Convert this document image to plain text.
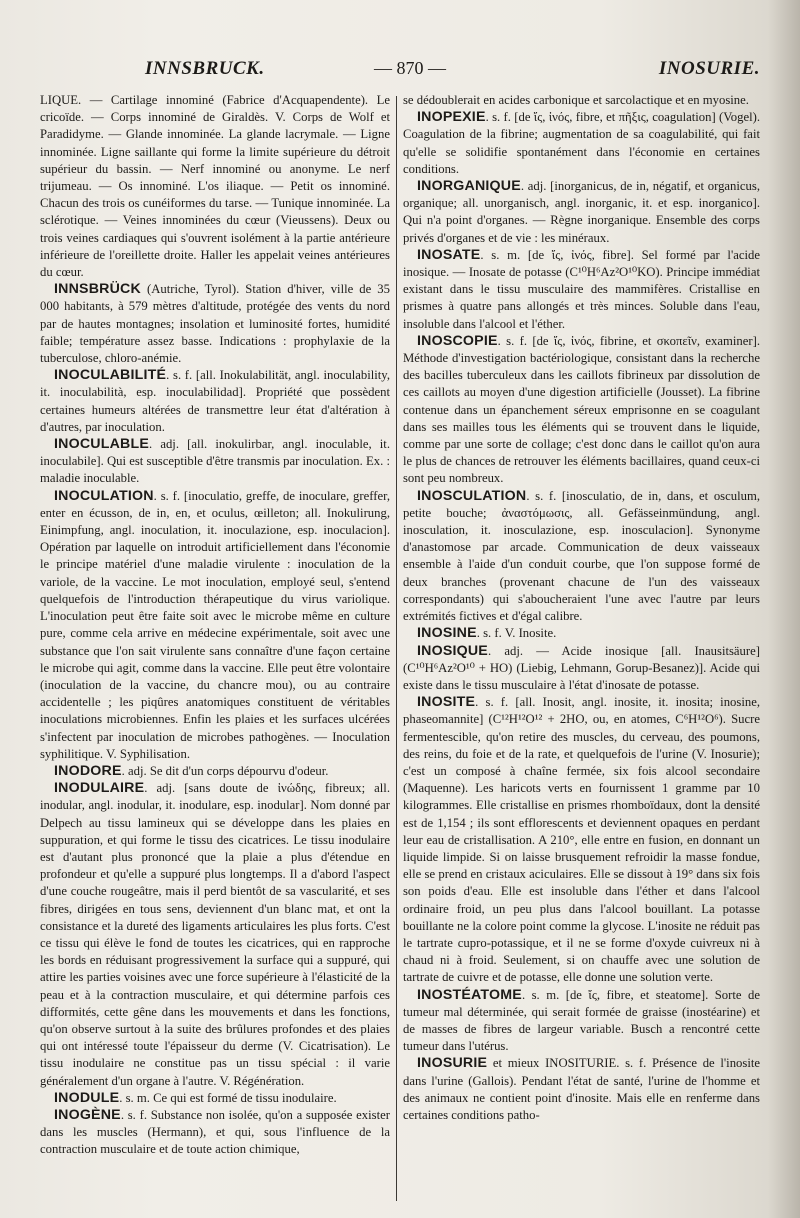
INNSBRUCK.	— 870 —	INOSURIE.

LIQUE. — Cartilage innominé (Fabrice d'Acquapendente). Le cricoïde. — Corps innominé de Giraldès. V. Corps de Wolf et Paradidyme. — Glande innominée. La glande lacrymale. — Ligne innominée. Ligne saillante qui forme la limite supérieure du détroit supérieur du bassin. — Nerf innominé ou anonyme. Le nerf trijumeau. — Os innominé. L'os iliaque. — Petit os innominé. Chacun des trois os cunéiformes du tarse. — Tunique innominée. La sclérotique. — Veines innominées du cœur (Vieussens). Deux ou trois veines cardiaques qui s'ouvrent isolément à la partie antérieure inférieure de l'oreillette droite. Haller les appelait veines antérieures du cœur.

INNSBRÜCK (Autriche, Tyrol). Station d'hiver, ville de 35 000 habitants, à 579 mètres d'altitude, protégée des vents du nord par de hautes montagnes; insolation et luminosité fortes, humidité faible; température assez basse. Indications : prophylaxie de la tuberculose, chloro-anémie.

INOCULABILITÉ. s. f. [all. Inokulabilität, angl. inoculability, it. inoculabilità, esp. inoculabilidad]. Propriété que possèdent certaines humeurs altérées de transmettre leur état d'altération à d'autres, par inoculation.

INOCULABLE. adj. [all. inokulirbar, angl. inoculable, it. inoculabile]. Qui est susceptible d'être transmis par inoculation. Ex. : maladie inoculable.

INOCULATION. s. f. [inoculatio, greffe, de inoculare, greffer, enter en écusson, de in, en, et oculus, œilleton; all. Inokulirung, Einimpfung, angl. inoculation, it. inoculazione, esp. inoculacion]. Opération par laquelle on introduit artificiellement dans l'économie le principe matériel d'une maladie virulente : inoculation de la variole, de la vaccine. Le mot inoculation, employé seul, s'entend quelquefois de l'introduction thérapeutique du virus variolique. L'inoculation peut être faite soit avec le microbe même en culture pure, comme cela arrive en médecine expérimentale, soit avec une substance que l'on sait virulente sans connaître d'une façon certaine le microbe qui agit, comme dans la vaccine. Elle peut être volontaire (inoculation de la vaccine, du chancre mou), ou au contraire accidentelle ; les piqûres anatomiques constituent de véritables inoculations microbiennes. Enfin les plaies et les surfaces ulcérées s'infectent par inoculation de microbes pathogènes. — Inoculation syphilitique. V. Syphilisation.

INODORE. adj. Se dit d'un corps dépourvu d'odeur.

INODULAIRE. adj. [sans doute de ἰνώδης, fibreux; all. inodular, angl. inodular, it. inodulare, esp. inodular]. Nom donné par Delpech au tissu lamineux qui se développe dans les plaies en suppuration, et qui forme le tissu des cicatrices. Le tissu inodulaire est d'autant plus prononcé que la plaie a plus d'étendue en profondeur et qu'elle a suppuré plus longtemps. Il a d'abord l'aspect d'une couche rougeâtre, mais il perd bientôt de sa vascularité, et ses fibres, dirigées en tous sens, deviennent d'un blanc mat, et ont la consistance et la dureté des ligaments articulaires les plus forts. C'est ce tissu qui élève le fond de toutes les cicatrices, qui en rapproche les bords en réduisant progressivement la surface qui a suppuré, qui attire les parties voisines avec une force supérieure à l'élasticité de la peau et à la contraction musculaire, et qui détermine parfois ces difformités, cette gêne dans les mouvements et dans les fonctions, qu'on observe surtout à la suite des brûlures profondes et des plaies qui ont intéressé toute l'épaisseur du derme (V. Cicatrisation). Le tissu inodulaire ne constitue pas un tissu spécial : il varie généralement d'un organe à l'autre. V. Régénération.

INODULE. s. m. Ce qui est formé de tissu inodulaire.

INOGÈNE. s. f. Substance non isolée, qu'on a supposée exister dans les muscles (Hermann), et qui, sous l'influence de la contraction musculaire et de toute action chimique,

se dédoublerait en acides carbonique et sarcolactique et en myosine.

INOPEXIE. s. f. [de ἴς, ἰνός, fibre, et πῆξις, coagulation] (Vogel). Coagulation de la fibrine; augmentation de sa coagulabilité, qui fait qu'elle se solidifie spontanément dans l'économie en certaines conditions.

INORGANIQUE. adj. [inorganicus, de in, négatif, et organicus, organique; all. unorganisch, angl. inorganic, it. et esp. inorganico]. Qui n'a point d'organes. — Règne inorganique. Ensemble des corps privés d'organes et de vie : les minéraux.

INOSATE. s. m. [de ἴς, ἰνός, fibre]. Sel formé par l'acide inosique. — Inosate de potasse (C¹⁰H⁶Az²O¹⁰KO). Principe immédiat existant dans le tissu musculaire des mammifères. Cristallise en prismes à quatre pans allongés et très minces. Soluble dans l'eau, insoluble dans l'alcool et l'éther.

INOSCOPIE. s. f. [de ἴς, ἰνός, fibrine, et σκοπεῖν, examiner]. Méthode d'investigation bactériologique, consistant dans la recherche des bacilles tuberculeux dans les caillots fibrineux par dissolution de ces caillots au moyen d'une digestion artificielle (Jousset). La fibrine contenue dans un épanchement séreux emprisonne en se coagulant dans ses mailles tous les éléments qui se trouvent dans le liquide, comme par une sorte de collage; c'est donc dans le caillot qu'on aura le plus de chances de retrouver les éléments bacillaires, quand ceux-ci sont peu nombreux.

INOSCULATION. s. f. [inosculatio, de in, dans, et osculum, petite bouche; ἀναστόμωσις, all. Gefässeinmündung, angl. inosculation, it. inosculazione, esp. inosculacion]. Synonyme d'anastomose par arcade. Communication de deux vaisseaux ensemble à l'aide d'un conduit courbe, que l'on suppose formé de deux branches (provenant chacune de l'un des vaisseaux correspondants) qui s'aboucheraient l'une avec l'autre par leurs extrémités fictives et d'égal calibre.

INOSINE. s. f. V. Inosite.

INOSIQUE. adj. — Acide inosique [all. Inausitsäure] (C¹⁰H⁶Az²O¹⁰ + HO) (Liebig, Lehmann, Gorup-Besanez)]. Acide qui existe dans le tissu musculaire à l'état d'inosate de potasse.

INOSITE. s. f. [all. Inosit, angl. inosite, it. inosita; inosine, phaseomannite] (C¹²H¹²O¹² + 2HO, ou, en atomes, C⁶H¹²O⁶). Sucre fermentescible, qu'on retire des muscles, du cerveau, des poumons, des reins, du foie et de la rate, et quelquefois de l'urine (V. Inosurie); c'est un composé à chaîne fermée, six fois alcool secondaire (Maquenne). Les haricots verts en fournissent 1 gramme par 10 kilogrammes. Elle cristallise en prismes rhomboïdaux, dont la densité est de 1,154 ; ils sont efflorescents et deviennent opaques en perdant leur eau de cristallisation. A 210°, elle entre en fusion, en donnant un liquide limpide. Si on laisse brusquement refroidir la masse fondue, elle se prend en cristaux aciculaires. Elle se dissout à 19° dans six fois son poids d'eau. Elle est insoluble dans l'éther et dans l'alcool ordinaire froid, un peu plus dans l'alcool bouillant. La potasse bouillante ne la colore point comme la glycose. L'inosite ne réduit pas le tartrate cupro-potassique, et il ne se forme d'oxyde cuivreux ni à chaud ni à froid. Seulement, si on chauffe avec une solution de tartrate de cuivre et de potasse, elle donne une solution verte.

INOSTÉATOME. s. m. [de ἴς, fibre, et steatome]. Sorte de tumeur mal déterminée, qui serait formée de graisse (inostéarine) et de masses de fibres de largeur variable. Busch a rencontré cette tumeur dans l'utérus.

INOSURIE et mieux INOSITURIE. s. f. Présence de l'inosite dans l'urine (Gallois). Pendant l'état de santé, l'urine de l'homme et des animaux ne contient point d'inosite. Mais elle en renferme dans certaines conditions patho-
